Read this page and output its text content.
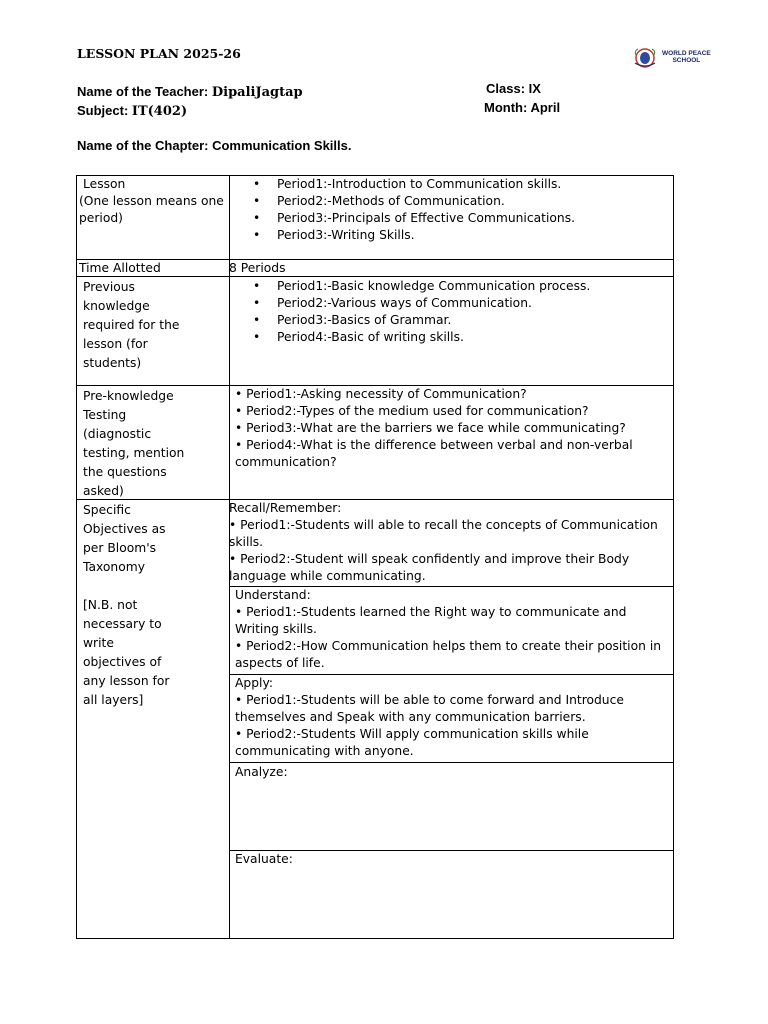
LESSON PLAN 2025-26	WORLD PEACE
SCHOOL
Name of the Teacher: DipaliJagtap
Subject: IT(402)
Class: IX
Month: April
Name of the Chapter: Communication Skills.
Lesson
(One lesson means one
period)
• Period1:-Introduction to Communication skills.
• Period2:-Methods of Communication.
• Period3:-Principals of Effective Communications.
• Period3:-Writing Skills.
Time Allotted	8 Periods
Previous knowledge required for the lesson (for students)
• Period1:-Basic knowledge Communication process.
• Period2:-Various ways of Communication.
• Period3:-Basics of Grammar.
• Period4:-Basic of writing skills.
Pre-knowledge Testing (diagnostic testing, mention the questions asked)
• Period1:-Asking necessity of Communication?
• Period2:-Types of the medium used for communication?
• Period3:-What are the barriers we face while communicating?
• Period4:-What is the difference between verbal and non-verbal communication?
Specific Objectives as per Bloom's Taxonomy
[N.B. not necessary to write objectives of any lesson for all layers]
Recall/Remember:
• Period1:-Students will able to recall the concepts of Communication skills.
• Period2:-Student will speak confidently and improve their Body language while communicating.
Understand:
• Period1:-Students learned the Right way to communicate and Writing skills.
• Period2:-How Communication helps them to create their position in aspects of life.
Apply:
• Period1:-Students will be able to come forward and Introduce themselves and Speak with any communication barriers.
• Period2:-Students Will apply communication skills while communicating with anyone.
Analyze:
Evaluate:
